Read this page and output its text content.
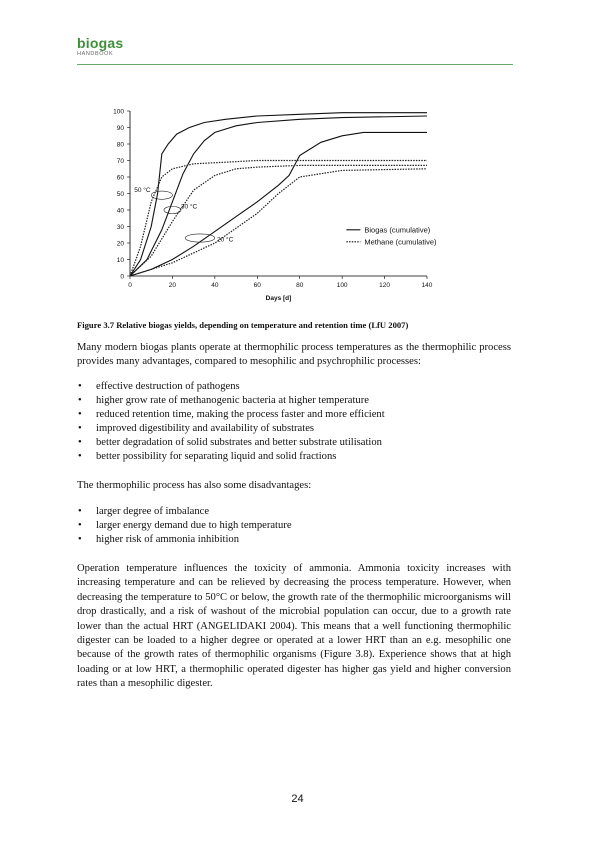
biogas
HANDBOOK
0
10
20
30
40
50
60
70
80
90
100
0	20	40	60	80	100	120	140
Days [d]
50 °C
30 °C
20 °C
Biogas (cumulative)
Methane (cumulative)
Figure 3.7 Relative biogas yields, depending on temperature and retention time (LfU 2007)

Many modern biogas plants operate at thermophilic process temperatures as the thermophilic process provides many advantages, compared to mesophilic and psychrophilic processes:

• effective destruction of pathogens
• higher grow rate of methanogenic bacteria at higher temperature
• reduced retention time, making the process faster and more efficient
• improved digestibility and availability of substrates
• better degradation of solid substrates and better substrate utilisation
• better possibility for separating liquid and solid fractions

The thermophilic process has also some disadvantages:

• larger degree of imbalance
• larger energy demand due to high temperature
• higher risk of ammonia inhibition

Operation temperature influences the toxicity of ammonia. Ammonia toxicity increases with increasing temperature and can be relieved by decreasing the process temperature. However, when decreasing the temperature to 50°C or below, the growth rate of the thermophilic microorganisms will drop drastically, and a risk of washout of the microbial population can occur, due to a growth rate lower than the actual HRT (ANGELIDAKI 2004). This means that a well functioning thermophilic digester can be loaded to a higher degree or operated at a lower HRT than an e.g. mesophilic one because of the growth rates of thermophilic organisms (Figure 3.8). Experience shows that at high loading or at low HRT, a thermophilic operated digester has higher gas yield and higher conversion rates than a mesophilic digester.

24
